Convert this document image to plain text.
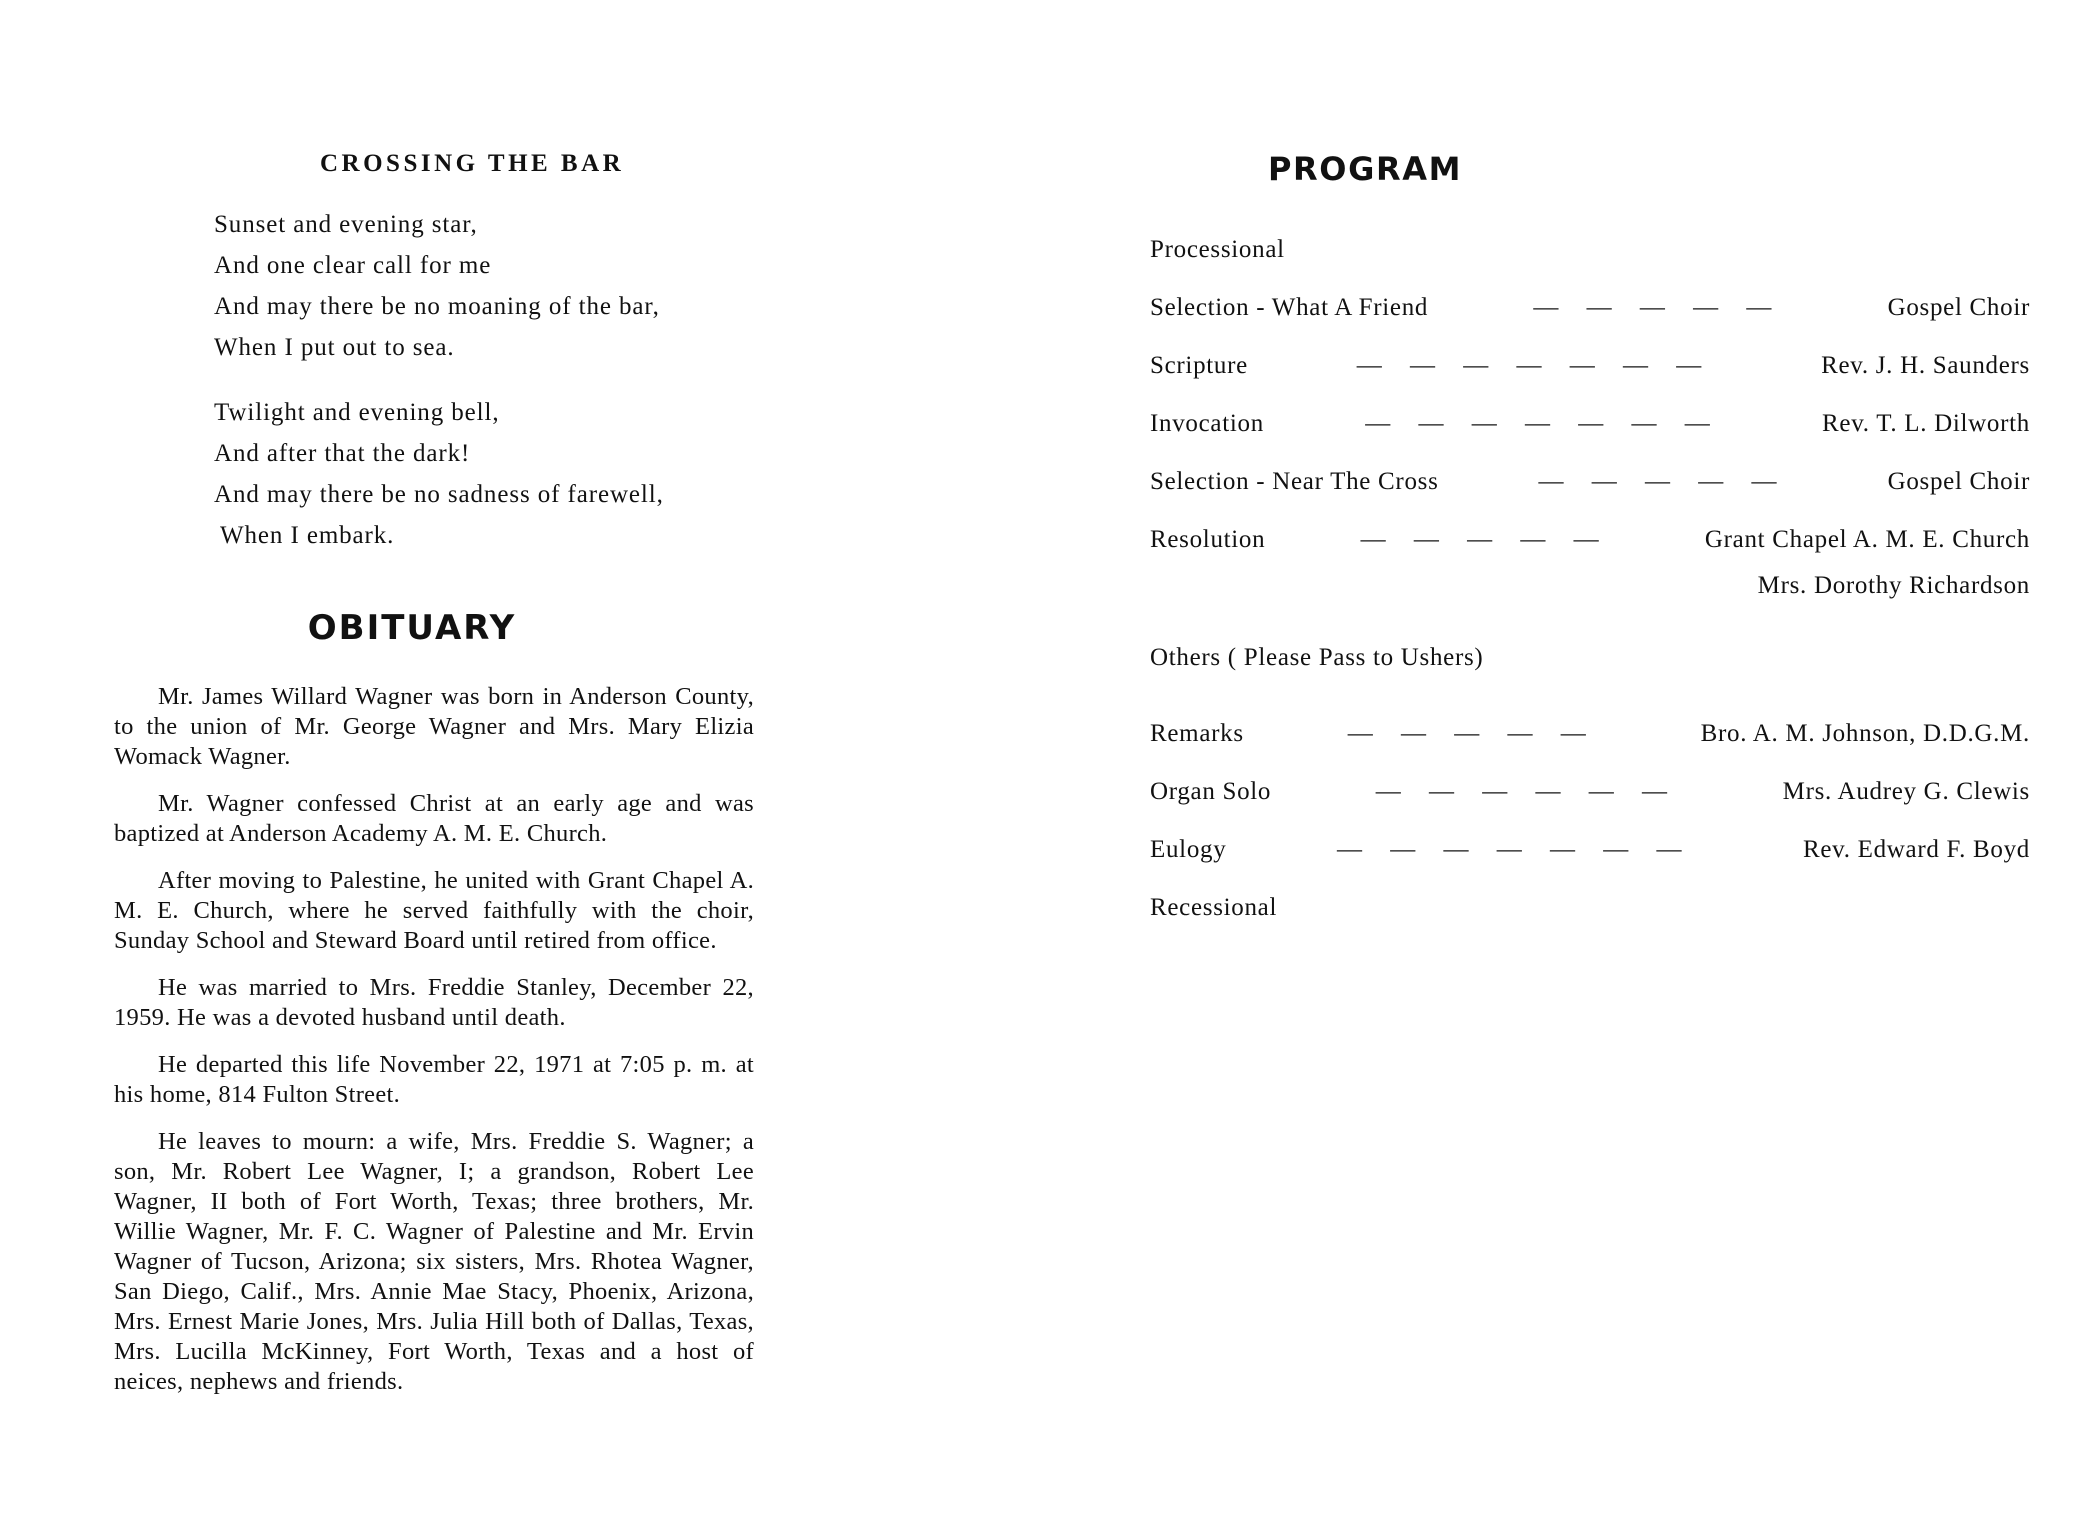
CROSSING THE BAR
Sunset and evening star,
And one clear call for me
And may there be no moaning of the bar,
When I put out to sea.
Twilight and evening bell,
And after that the dark!
And may there be no sadness of farewell,
When I embark.
OBITUARY

Mr. James Willard Wagner was born in Anderson County, to the union of Mr. George Wagner and Mrs. Mary Elizia Womack Wagner.

Mr. Wagner confessed Christ at an early age and was baptized at Anderson Academy A. M. E. Church.

After moving to Palestine, he united with Grant Chapel A. M. E. Church, where he served faithfully with the choir, Sunday School and Steward Board until retired from office.

He was married to Mrs. Freddie Stanley, December 22, 1959. He was a devoted husband until death.

He departed this life November 22, 1971 at 7:05 p. m. at his home, 814 Fulton Street.

He leaves to mourn: a wife, Mrs. Freddie S. Wagner; a son, Mr. Robert Lee Wagner, I; a grandson, Robert Lee Wagner, II both of Fort Worth, Texas; three brothers, Mr. Willie Wagner, Mr. F. C. Wagner of Palestine and Mr. Ervin Wagner of Tucson, Arizona; six sisters, Mrs. Rhotea Wagner, San Diego, Calif., Mrs. Annie Mae Stacy, Phoenix, Arizona, Mrs. Ernest Marie Jones, Mrs. Julia Hill both of Dallas, Texas, Mrs. Lucilla McKinney, Fort Worth, Texas and a host of neices, nephews and friends.

PROGRAM
Processional
Selection - What A Friend	— — — — —	Gospel Choir
Scripture	— — — — — — —	Rev. J. H. Saunders
Invocation	— — — — — — —	Rev. T. L. Dilworth
Selection - Near The Cross	— — — — —	Gospel Choir
Resolution	— — — — —	Grant Chapel A. M. E. Church
Mrs. Dorothy Richardson
Others ( Please Pass to Ushers)
Remarks	— — — — —	Bro. A. M. Johnson, D.D.G.M.
Organ Solo	— — — — — —	Mrs. Audrey G. Clewis
Eulogy	— — — — — — —	Rev. Edward F. Boyd
Recessional
